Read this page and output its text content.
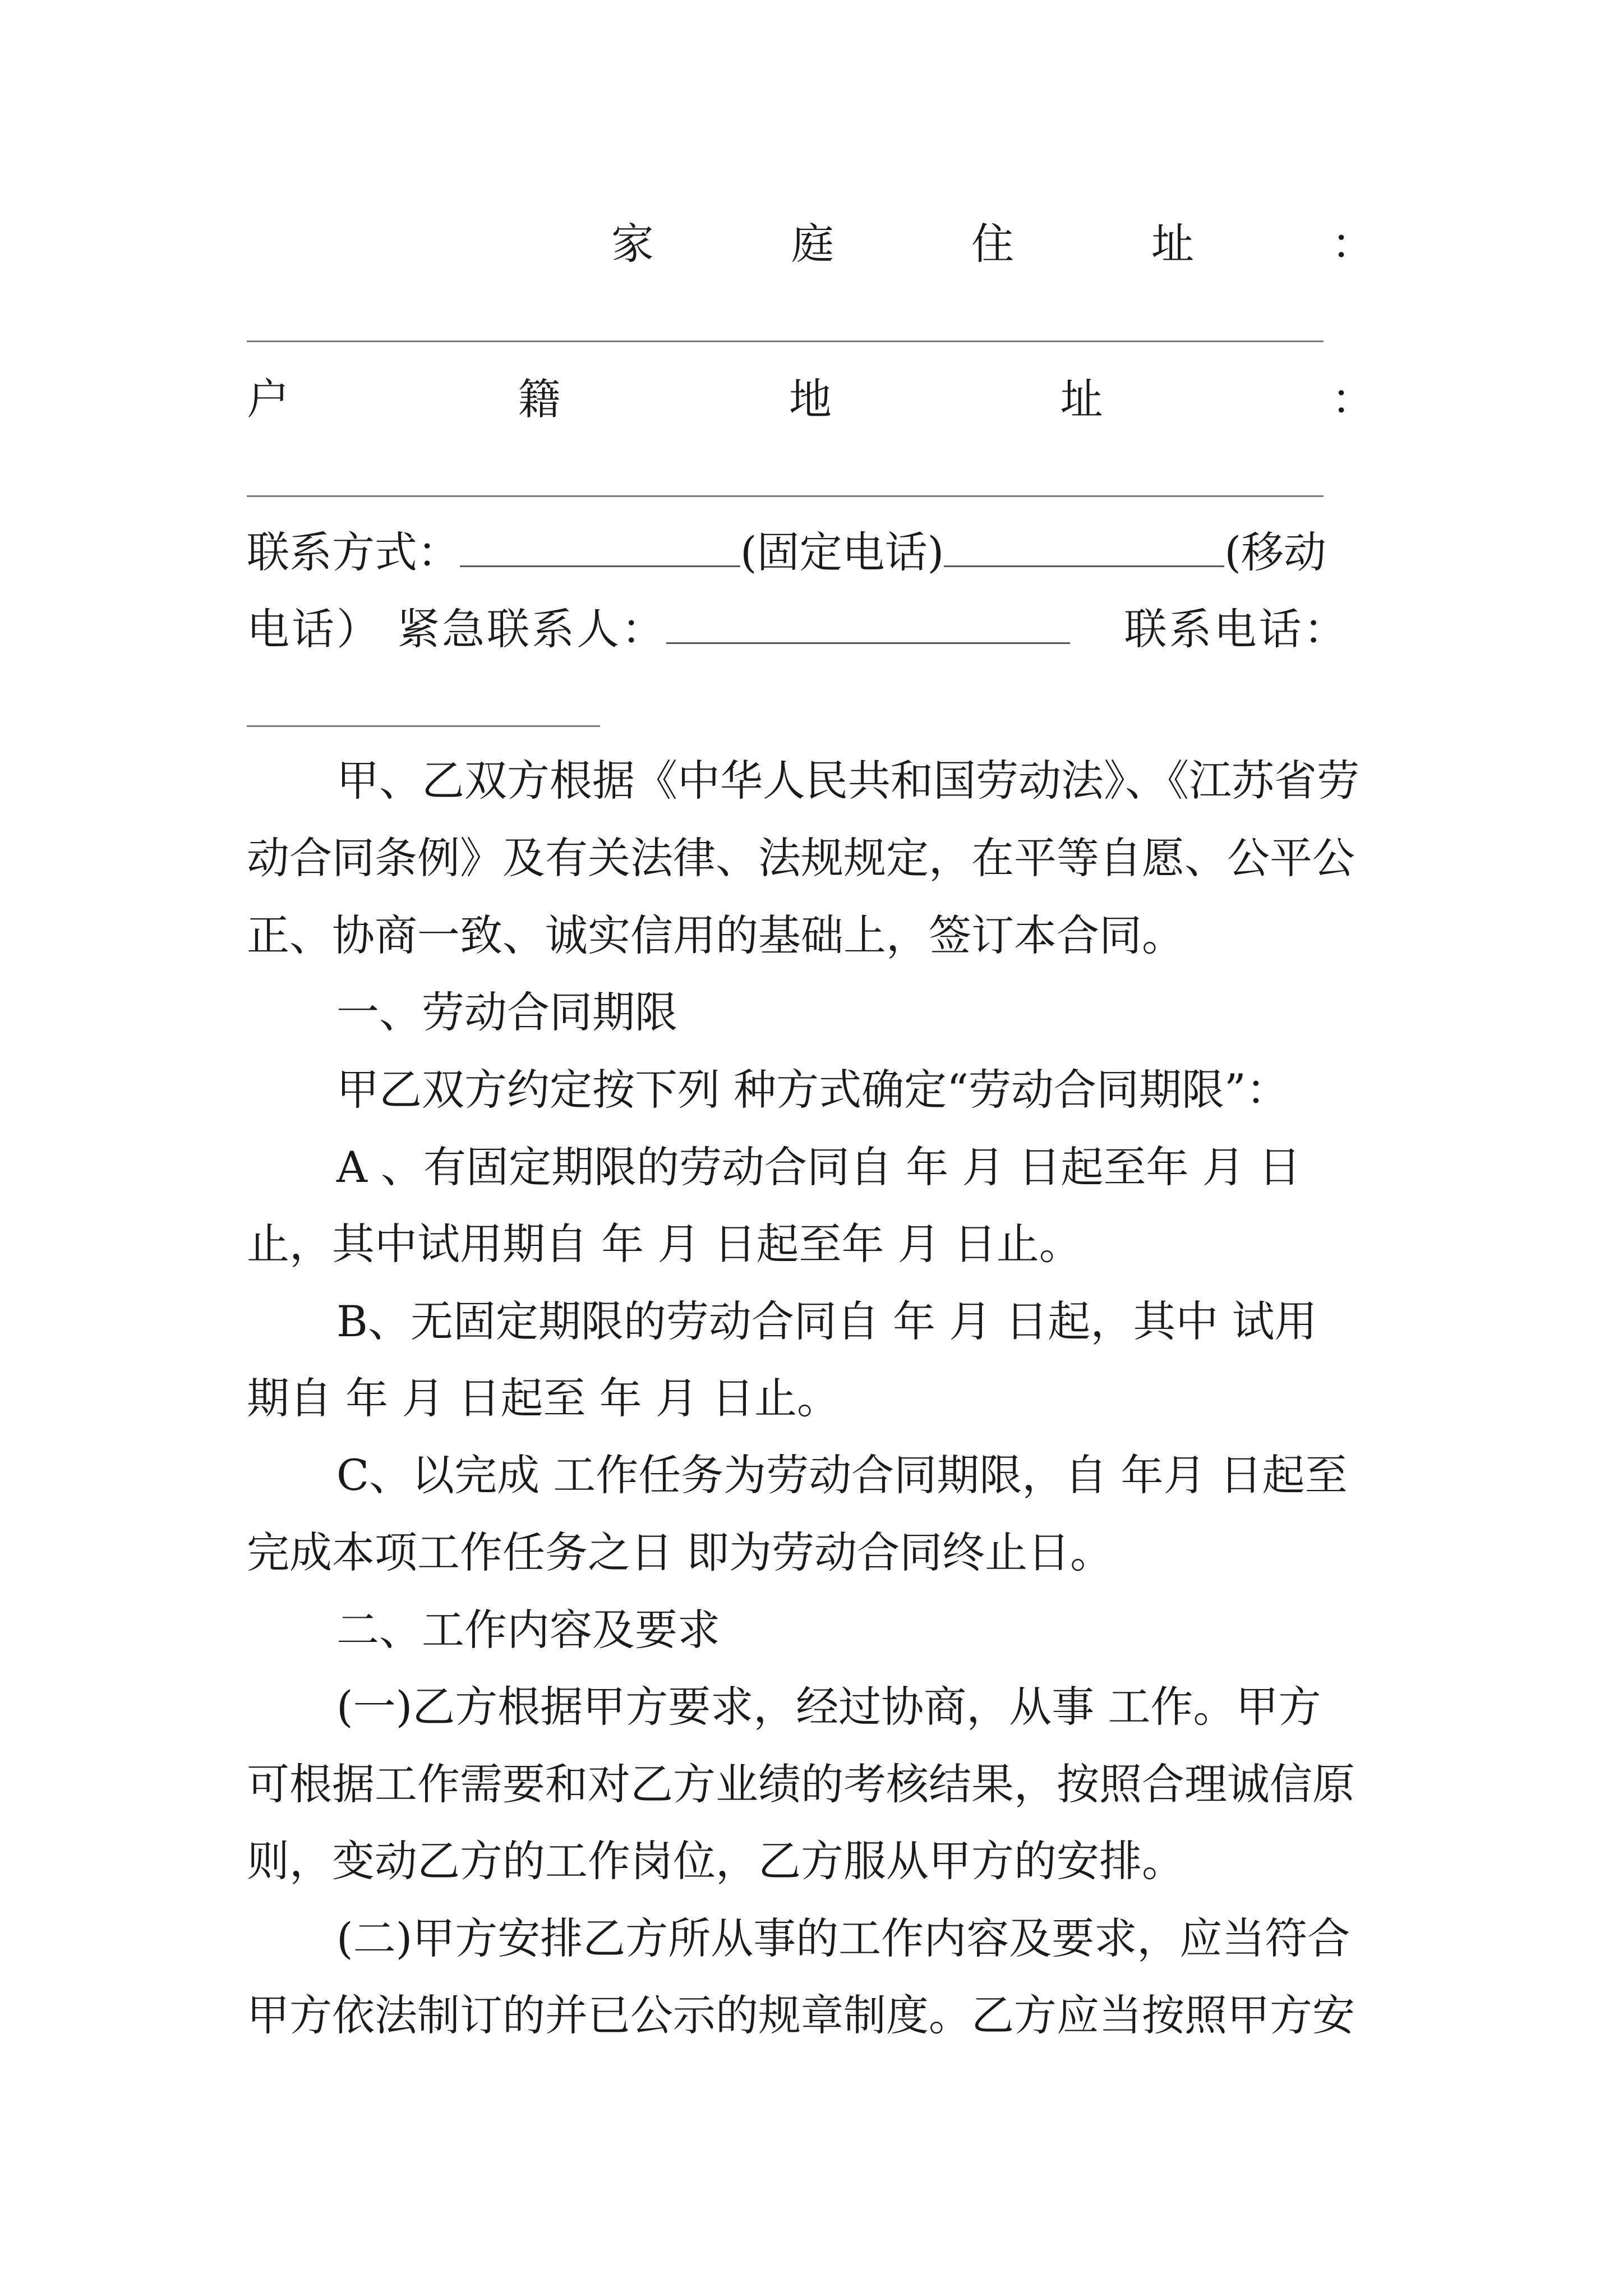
家	庭	住	址	：
户	籍	地	址	：
联系方式：	(固定电话)	(移动
电话） 紧急联系人：	联系电话：
甲、乙双方根据《中华人民共和国劳动法》、《江苏省劳
动合同条例》及有关法律、法规规定，在平等自愿、公平公
正、协商一致、诚实信用的基础上，签订本合同。
一、劳动合同期限
甲乙双方约定按下列 种方式确定“劳动合同期限”：
A 、有固定期限的劳动合同自 年 月 日起至年 月 日
止，其中试用期自 年 月 日起至年 月 日止。
B、无固定期限的劳动合同自 年 月 日起，其中 试用
期自 年 月 日起至 年 月 日止。
C、以完成 工作任务为劳动合同期限，自 年月 日起至
完成本项工作任务之日 即为劳动合同终止日。
二、工作内容及要求
(一)乙方根据甲方要求，经过协商，从事 工作。甲方
可根据工作需要和对乙方业绩的考核结果，按照合理诚信原
则，变动乙方的工作岗位，乙方服从甲方的安排。
(二)甲方安排乙方所从事的工作内容及要求，应当符合
甲方依法制订的并已公示的规章制度。乙方应当按照甲方安
